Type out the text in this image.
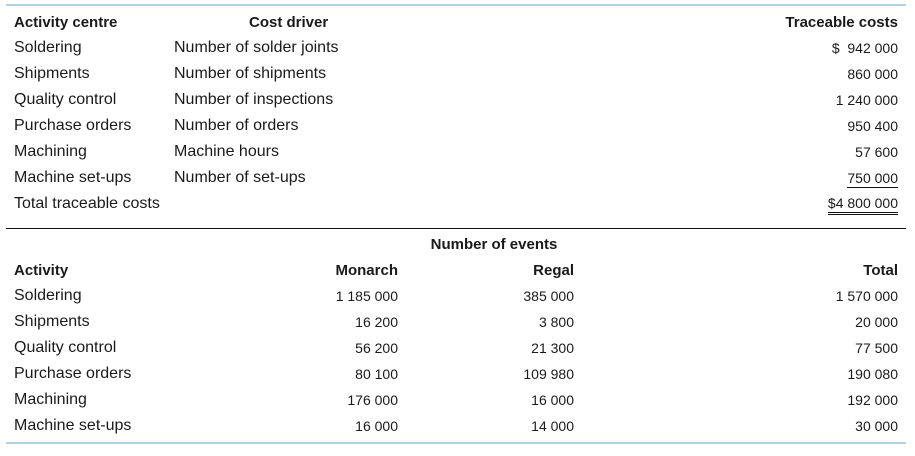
Activity centre	Cost driver	Traceable costs
Soldering	Number of solder joints	$  942 000
Shipments	Number of shipments	860 000
Quality control	Number of inspections	1 240 000
Purchase orders	Number of orders	950 400
Machining	Machine hours	57 600
Machine set-ups	Number of set-ups	750 000
Total traceable costs		$4 800 000
		Number of events	
Activity	Monarch	Regal	Total
Soldering	1 185 000	385 000	1 570 000
Shipments	16 200	3 800	20 000
Quality control	56 200	21 300	77 500
Purchase orders	80 100	109 980	190 080
Machining	176 000	16 000	192 000
Machine set-ups	16 000	14 000	30 000
